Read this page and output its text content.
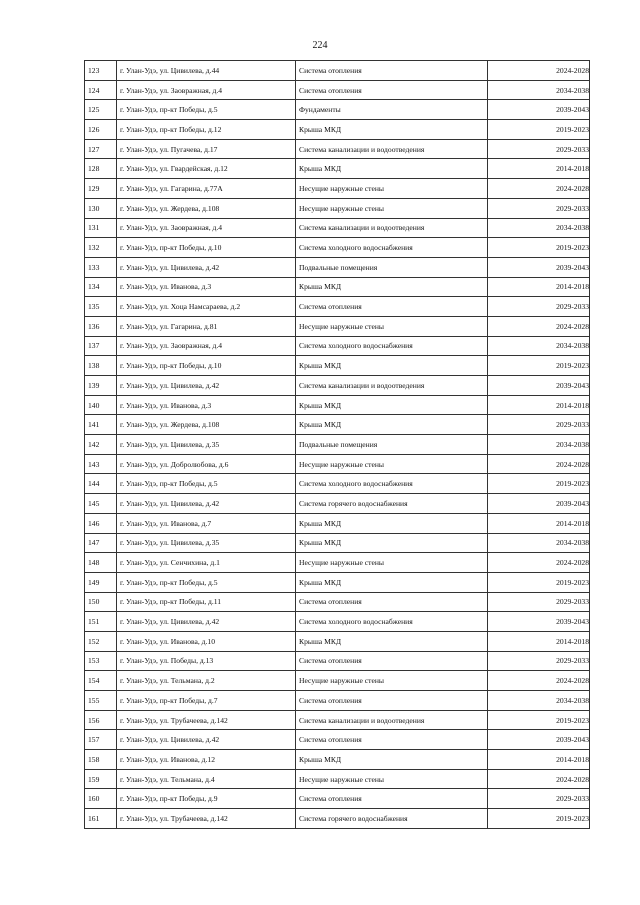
224
123	г. Улан-Удэ, ул. Цивилева, д.44	Система отопления	2024-2028
124	г. Улан-Удэ, ул. Заовражная, д.4	Система отопления	2034-2038
125	г. Улан-Удэ, пр-кт Победы, д.5	Фундаменты	2039-2043
126	г. Улан-Удэ, пр-кт Победы, д.12	Крыша МКД	2019-2023
127	г. Улан-Удэ, ул. Пугачева, д.17	Система канализации и водоотведения	2029-2033
128	г. Улан-Удэ, ул. Гвардейская, д.12	Крыша МКД	2014-2018
129	г. Улан-Удэ, ул. Гагарина, д.77А	Несущие наружные стены	2024-2028
130	г. Улан-Удэ, ул. Жердева, д.108	Несущие наружные стены	2029-2033
131	г. Улан-Удэ, ул. Заовражная, д.4	Система канализации и водоотведения	2034-2038
132	г. Улан-Удэ, пр-кт Победы, д.10	Система холодного водоснабжения	2019-2023
133	г. Улан-Удэ, ул. Цивилева, д.42	Подвальные помещения	2039-2043
134	г. Улан-Удэ, ул. Иванова, д.3	Крыша МКД	2014-2018
135	г. Улан-Удэ, ул. Хоца Намсараева, д.2	Система отопления	2029-2033
136	г. Улан-Удэ, ул. Гагарина, д.81	Несущие наружные стены	2024-2028
137	г. Улан-Удэ, ул. Заовражная, д.4	Система холодного водоснабжения	2034-2038
138	г. Улан-Удэ, пр-кт Победы, д.10	Крыша МКД	2019-2023
139	г. Улан-Удэ, ул. Цивилева, д.42	Система канализации и водоотведения	2039-2043
140	г. Улан-Удэ, ул. Иванова, д.3	Крыша МКД	2014-2018
141	г. Улан-Удэ, ул. Жердева, д.108	Крыша МКД	2029-2033
142	г. Улан-Удэ, ул. Цивилева, д.35	Подвальные помещения	2034-2038
143	г. Улан-Удэ, ул. Добролюбова, д.6	Несущие наружные стены	2024-2028
144	г. Улан-Удэ, пр-кт Победы, д.5	Система холодного водоснабжения	2019-2023
145	г. Улан-Удэ, ул. Цивилева, д.42	Система горячего водоснабжения	2039-2043
146	г. Улан-Удэ, ул. Иванова, д.7	Крыша МКД	2014-2018
147	г. Улан-Удэ, ул. Цивилева, д.35	Крыша МКД	2034-2038
148	г. Улан-Удэ, ул. Сенчихина, д.1	Несущие наружные стены	2024-2028
149	г. Улан-Удэ, пр-кт Победы, д.5	Крыша МКД	2019-2023
150	г. Улан-Удэ, пр-кт Победы, д.11	Система отопления	2029-2033
151	г. Улан-Удэ, ул. Цивилева, д.42	Система холодного водоснабжения	2039-2043
152	г. Улан-Удэ, ул. Иванова, д.10	Крыша МКД	2014-2018
153	г. Улан-Удэ, ул. Победы, д.13	Система отопления	2029-2033
154	г. Улан-Удэ, ул. Тельмана, д.2	Несущие наружные стены	2024-2028
155	г. Улан-Удэ, пр-кт Победы, д.7	Система отопления	2034-2038
156	г. Улан-Удэ, ул. Трубачеева, д.142	Система канализации и водоотведения	2019-2023
157	г. Улан-Удэ, ул. Цивилева, д.42	Система отопления	2039-2043
158	г. Улан-Удэ, ул. Иванова, д.12	Крыша МКД	2014-2018
159	г. Улан-Удэ, ул. Тельмана, д.4	Несущие наружные стены	2024-2028
160	г. Улан-Удэ, пр-кт Победы, д.9	Система отопления	2029-2033
161	г. Улан-Удэ, ул. Трубачеева, д.142	Система горячего водоснабжения	2019-2023
